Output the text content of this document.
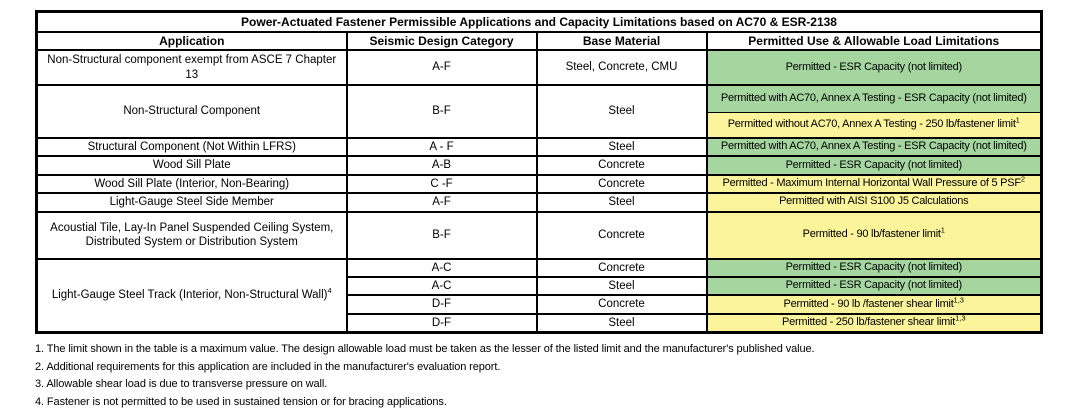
Power-Actuated Fastener Permissible Applications and Capacity Limitations based on AC70 & ESR-2138			
Application	Seismic Design Category	Base Material	Permitted Use & Allowable Load Limitations
Non-Structural component exempt from ASCE 7 Chapter 13	A-F	Steel, Concrete, CMU	Permitted - ESR Capacity (not limited)
Non-Structural Component	B-F	Steel	Permitted with AC70, Annex A Testing - ESR Capacity (not limited)
			Permitted without AC70, Annex A Testing - 250 lb/fastener limit$^1$
Structural Component (Not Within LFRS)	A - F	Steel	Permitted with AC70, Annex A Testing - ESR Capacity (not limited)
Wood Sill Plate	A-B	Concrete	Permitted - ESR Capacity (not limited)
Wood Sill Plate (Interior, Non-Bearing)	C -F	Concrete	Permitted - Maximum Internal Horizontal Wall Pressure of 5 PSF$^2$
Light-Gauge Steel Side Member	A-F	Steel	Permitted with AISI S100 J5 Calculations
Acoustial Tile, Lay-In Panel Suspended Ceiling System, Distributed System or Distribution System	B-F	Concrete	Permitted - 90 lb/fastener limit$^1$
Light-Gauge Steel Track (Interior, Non-Structural Wall)$^4$	A-C	Concrete	Permitted - ESR Capacity (not limited)
	A-C	Steel	Permitted - ESR Capacity (not limited)
	D-F	Concrete	Permitted - 90 lb /fastener shear limit$^{1,3}$
	D-F	Steel	Permitted - 250 lb/fastener shear limit$^{1,3}$
1. The limit shown in the table is a maximum value. The design allowable load must be taken as the lesser of the listed limit and the manufacturer's published value.
2. Additional requirements for this application are included in the manufacturer's evaluation report.
3. Allowable shear load is due to transverse pressure on wall.
4. Fastener is not permitted to be used in sustained tension or for bracing applications.
